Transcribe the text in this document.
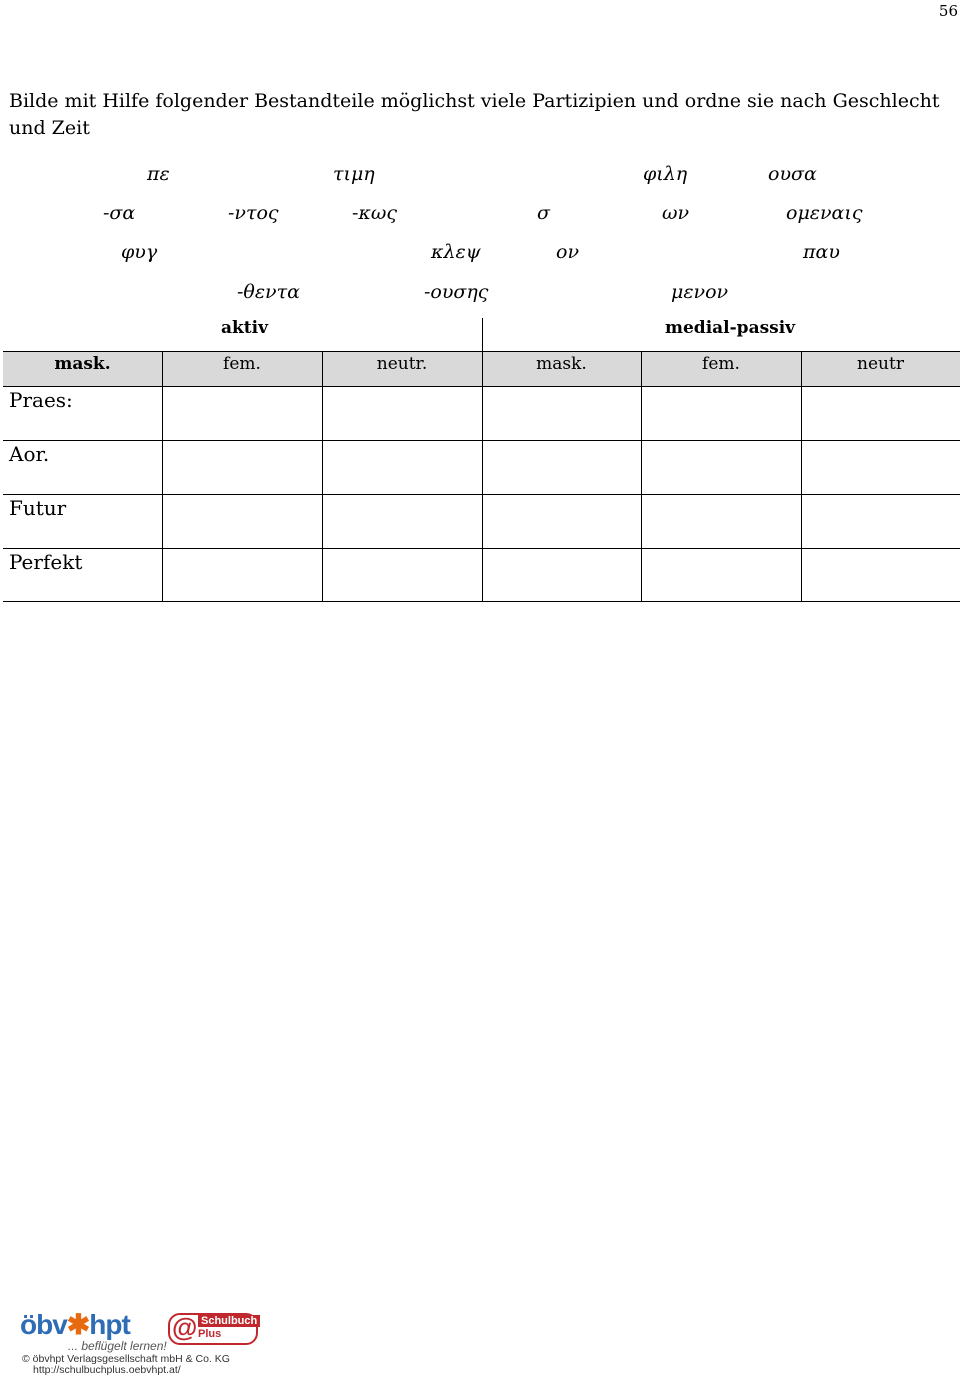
56
Bilde mit Hilfe folgender Bestandteile möglichst viele Partizipien und ordne sie nach Geschlecht und Zeit
πε	τιμη	φιλη	ουσα
-σα	-ντος	-κως	σ	ων	ομεναις
φυγ	κλεψ	ον	παυ
-θεντα	-ουσης	μενον
aktiv	medial-passiv
mask.	fem.	neutr.	mask.	fem.	neutr
Praes:
Aor.
Futur
Perfekt
öbv✱hpt
... beflügelt lernen!
© öbvhpt Verlagsgesellschaft mbH & Co. KG
http://schulbuchplus.oebvhpt.at/
@ Schulbuch
Plus
